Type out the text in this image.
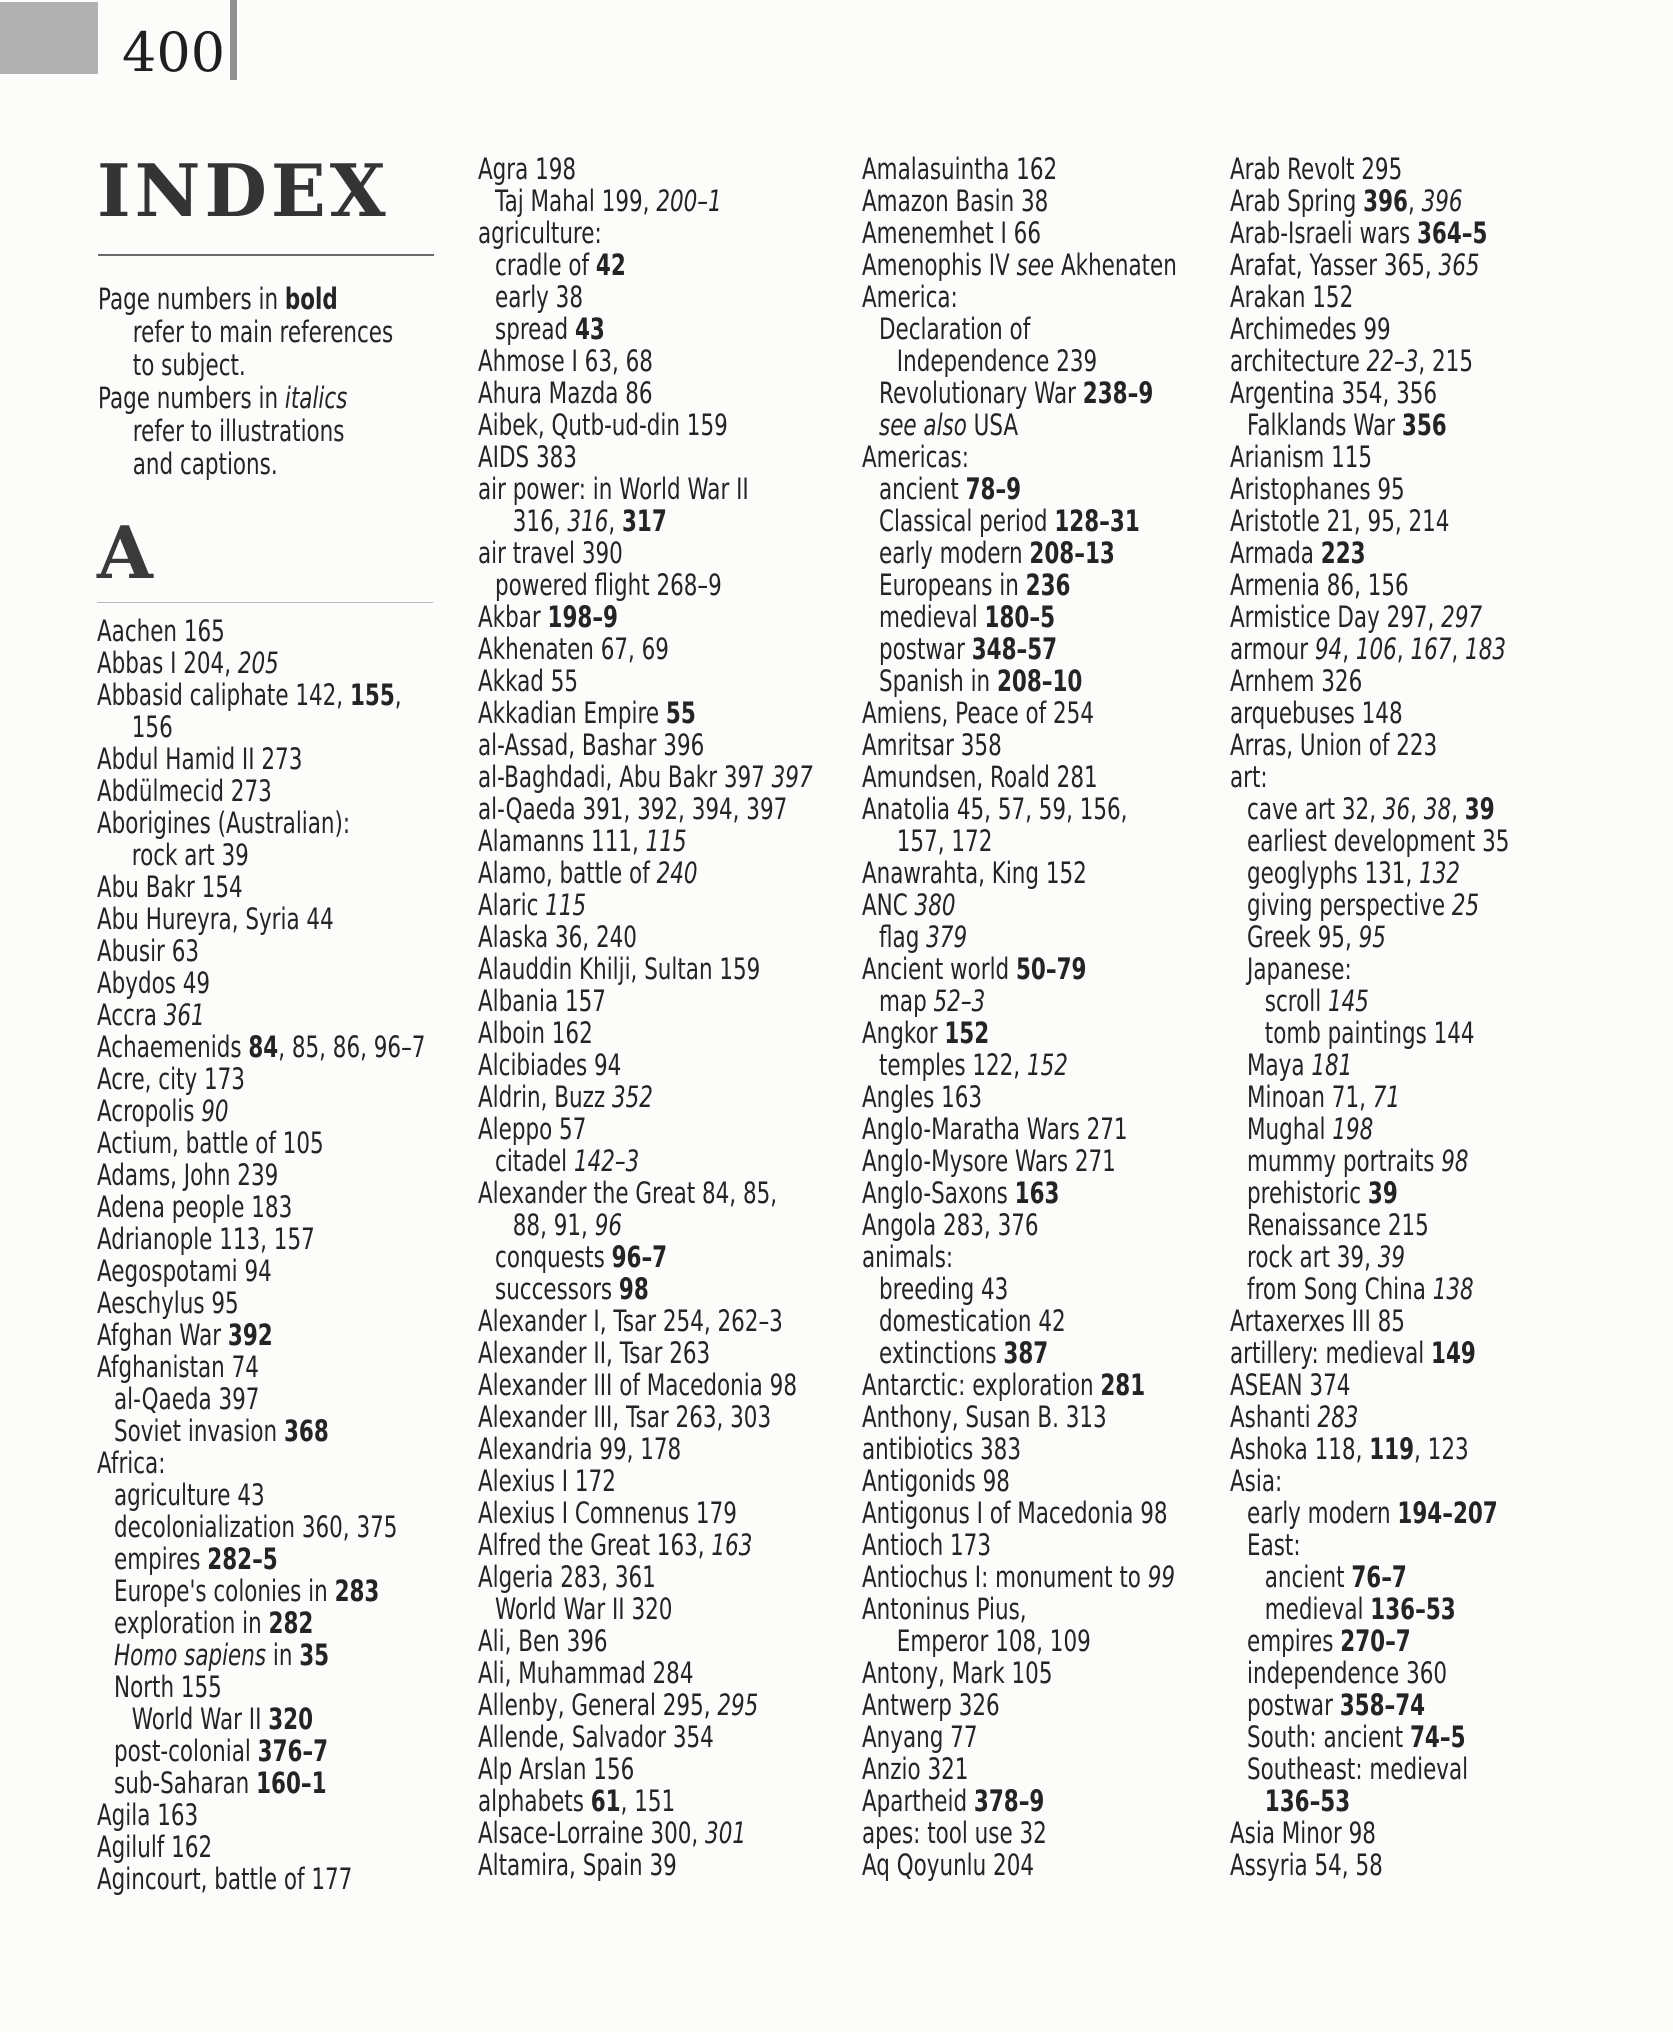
400
INDEX
Page numbers in bold
refer to main references
to subject.
Page numbers in italics
refer to illustrations
and captions.
A
Aachen 165
Abbas I 204, 205
Abbasid caliphate 142, 155,
156
Abdul Hamid II 273
Abdülmecid 273
Aborigines (Australian):
rock art 39
Abu Bakr 154
Abu Hureyra, Syria 44
Abusir 63
Abydos 49
Accra 361
Achaemenids 84, 85, 86, 96–7
Acre, city 173
Acropolis 90
Actium, battle of 105
Adams, John 239
Adena people 183
Adrianople 113, 157
Aegospotami 94
Aeschylus 95
Afghan War 392
Afghanistan 74
al-Qaeda 397
Soviet invasion 368
Africa:
agriculture 43
decolonialization 360, 375
empires 282–5
Europe's colonies in 283
exploration in 282
Homo sapiens in 35
North 155
World War II 320
post-colonial 376–7
sub-Saharan 160–1
Agila 163
Agilulf 162
Agincourt, battle of 177
Agra 198
Taj Mahal 199, 200–1
agriculture:
cradle of 42
early 38
spread 43
Ahmose I 63, 68
Ahura Mazda 86
Aibek, Qutb-ud-din 159
AIDS 383
air power: in World War II
316, 316, 317
air travel 390
powered flight 268–9
Akbar 198–9
Akhenaten 67, 69
Akkad 55
Akkadian Empire 55
al-Assad, Bashar 396
al-Baghdadi, Abu Bakr 397 397
al-Qaeda 391, 392, 394, 397
Alamanns 111, 115
Alamo, battle of 240
Alaric 115
Alaska 36, 240
Alauddin Khilji, Sultan 159
Albania 157
Alboin 162
Alcibiades 94
Aldrin, Buzz 352
Aleppo 57
citadel 142–3
Alexander the Great 84, 85,
88, 91, 96
conquests 96–7
successors 98
Alexander I, Tsar 254, 262–3
Alexander II, Tsar 263
Alexander III of Macedonia 98
Alexander III, Tsar 263, 303
Alexandria 99, 178
Alexius I 172
Alexius I Comnenus 179
Alfred the Great 163, 163
Algeria 283, 361
World War II 320
Ali, Ben 396
Ali, Muhammad 284
Allenby, General 295, 295
Allende, Salvador 354
Alp Arslan 156
alphabets 61, 151
Alsace-Lorraine 300, 301
Altamira, Spain 39
Amalasuintha 162
Amazon Basin 38
Amenemhet I 66
Amenophis IV see Akhenaten
America:
Declaration of
Independence 239
Revolutionary War 238–9
see also USA
Americas:
ancient 78–9
Classical period 128–31
early modern 208–13
Europeans in 236
medieval 180–5
postwar 348–57
Spanish in 208–10
Amiens, Peace of 254
Amritsar 358
Amundsen, Roald 281
Anatolia 45, 57, 59, 156,
157, 172
Anawrahta, King 152
ANC 380
flag 379
Ancient world 50–79
map 52–3
Angkor 152
temples 122, 152
Angles 163
Anglo-Maratha Wars 271
Anglo-Mysore Wars 271
Anglo-Saxons 163
Angola 283, 376
animals:
breeding 43
domestication 42
extinctions 387
Antarctic: exploration 281
Anthony, Susan B. 313
antibiotics 383
Antigonids 98
Antigonus I of Macedonia 98
Antioch 173
Antiochus I: monument to 99
Antoninus Pius,
Emperor 108, 109
Antony, Mark 105
Antwerp 326
Anyang 77
Anzio 321
Apartheid 378–9
apes: tool use 32
Aq Qoyunlu 204
Arab Revolt 295
Arab Spring 396, 396
Arab-Israeli wars 364–5
Arafat, Yasser 365, 365
Arakan 152
Archimedes 99
architecture 22–3, 215
Argentina 354, 356
Falklands War 356
Arianism 115
Aristophanes 95
Aristotle 21, 95, 214
Armada 223
Armenia 86, 156
Armistice Day 297, 297
armour 94, 106, 167, 183
Arnhem 326
arquebuses 148
Arras, Union of 223
art:
cave art 32, 36, 38, 39
earliest development 35
geoglyphs 131, 132
giving perspective 25
Greek 95, 95
Japanese:
scroll 145
tomb paintings 144
Maya 181
Minoan 71, 71
Mughal 198
mummy portraits 98
prehistoric 39
Renaissance 215
rock art 39, 39
from Song China 138
Artaxerxes III 85
artillery: medieval 149
ASEAN 374
Ashanti 283
Ashoka 118, 119, 123
Asia:
early modern 194–207
East:
ancient 76–7
medieval 136–53
empires 270–7
independence 360
postwar 358–74
South: ancient 74–5
Southeast: medieval
136–53
Asia Minor 98
Assyria 54, 58
